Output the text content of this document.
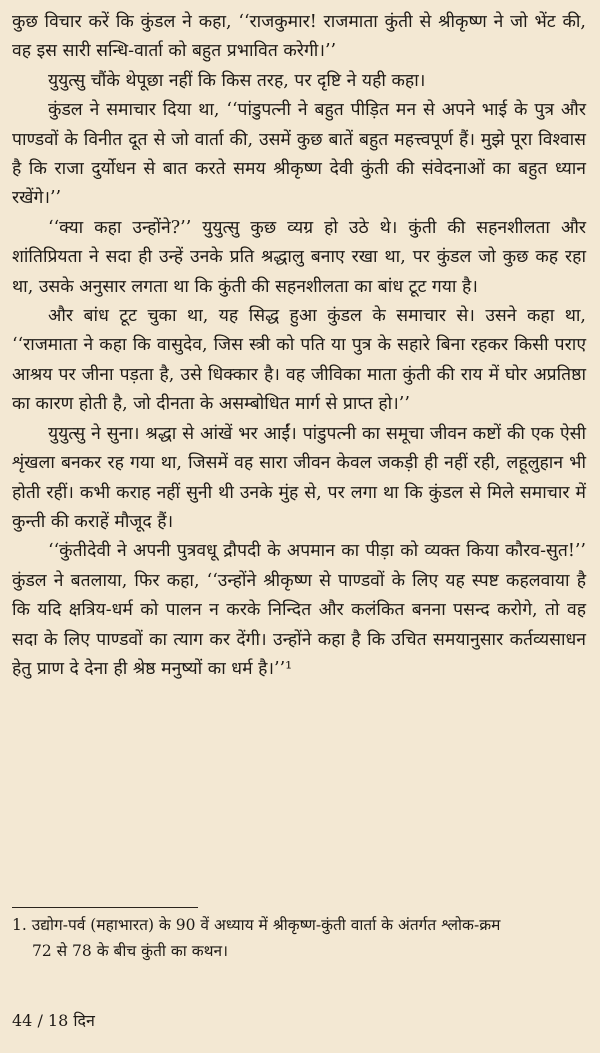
कुछ विचार करें कि कुंडल ने कहा, ‘‘राजकुमार! राजमाता कुंती से श्रीकृष्ण ने जो भेंट की, वह इस सारी सन्धि-वार्ता को बहुत प्रभावित करेगी।’’

युयुत्सु चौंके थेपूछा नहीं कि किस तरह, पर दृष्टि ने यही कहा।

कुंडल ने समाचार दिया था, ‘‘पांडुपत्नी ने बहुत पीड़ित मन से अपने भाई के पुत्र और पाण्डवों के विनीत दूत से जो वार्ता की, उसमें कुछ बातें बहुत महत्त्वपूर्ण हैं। मुझे पूरा विश्वास है कि राजा दुर्योधन से बात करते समय श्रीकृष्ण देवी कुंती की संवेदनाओं का बहुत ध्यान रखेंगे।’’

‘‘क्या कहा उन्होंने?’’ युयुत्सु कुछ व्यग्र हो उठे थे। कुंती की सहनशीलता और शांतिप्रियता ने सदा ही उन्हें उनके प्रति श्रद्धालु बनाए रखा था, पर कुंडल जो कुछ कह रहा था, उसके अनुसार लगता था कि कुंती की सहनशीलता का बांध टूट गया है।

और बांध टूट चुका था, यह सिद्ध हुआ कुंडल के समाचार से। उसने कहा था, ‘‘राजमाता ने कहा कि वासुदेव, जिस स्त्री को पति या पुत्र के सहारे बिना रहकर किसी पराए आश्रय पर जीना पड़ता है, उसे धिक्कार है। वह जीविका माता कुंती की राय में घोर अप्रतिष्ठा का कारण होती है, जो दीनता के असम्बोधित मार्ग से प्राप्त हो।’’

युयुत्सु ने सुना। श्रद्धा से आंखें भर आईं। पांडुपत्नी का समूचा जीवन कष्टों की एक ऐसी शृंखला बनकर रह गया था, जिसमें वह सारा जीवन केवल जकड़ी ही नहीं रही, लहूलुहान भी होती रहीं। कभी कराह नहीं सुनी थी उनके मुंह से, पर लगा था कि कुंडल से मिले समाचार में कुन्ती की कराहें मौजूद हैं।

‘‘कुंतीदेवी ने अपनी पुत्रवधू द्रौपदी के अपमान का पीड़ा को व्यक्त किया कौरव-सुत!’’ कुंडल ने बतलाया, फिर कहा, ‘‘उन्होंने श्रीकृष्ण से पाण्डवों के लिए यह स्पष्ट कहलवाया है कि यदि क्षत्रिय-धर्म को पालन न करके निन्दित और कलंकित बनना पसन्द करोगे, तो वह सदा के लिए पाण्डवों का त्याग कर देंगी। उन्होंने कहा है कि उचित समयानुसार कर्तव्यसाधन हेतु प्राण दे देना ही श्रेष्ठ मनुष्यों का धर्म है।’’¹

1. उद्योग-पर्व (महाभारत) के 90 वें अध्याय में श्रीकृष्ण-कुंती वार्ता के अंतर्गत श्लोक-क्रम
72 से 78 के बीच कुंती का कथन।

44 / 18 दिन
